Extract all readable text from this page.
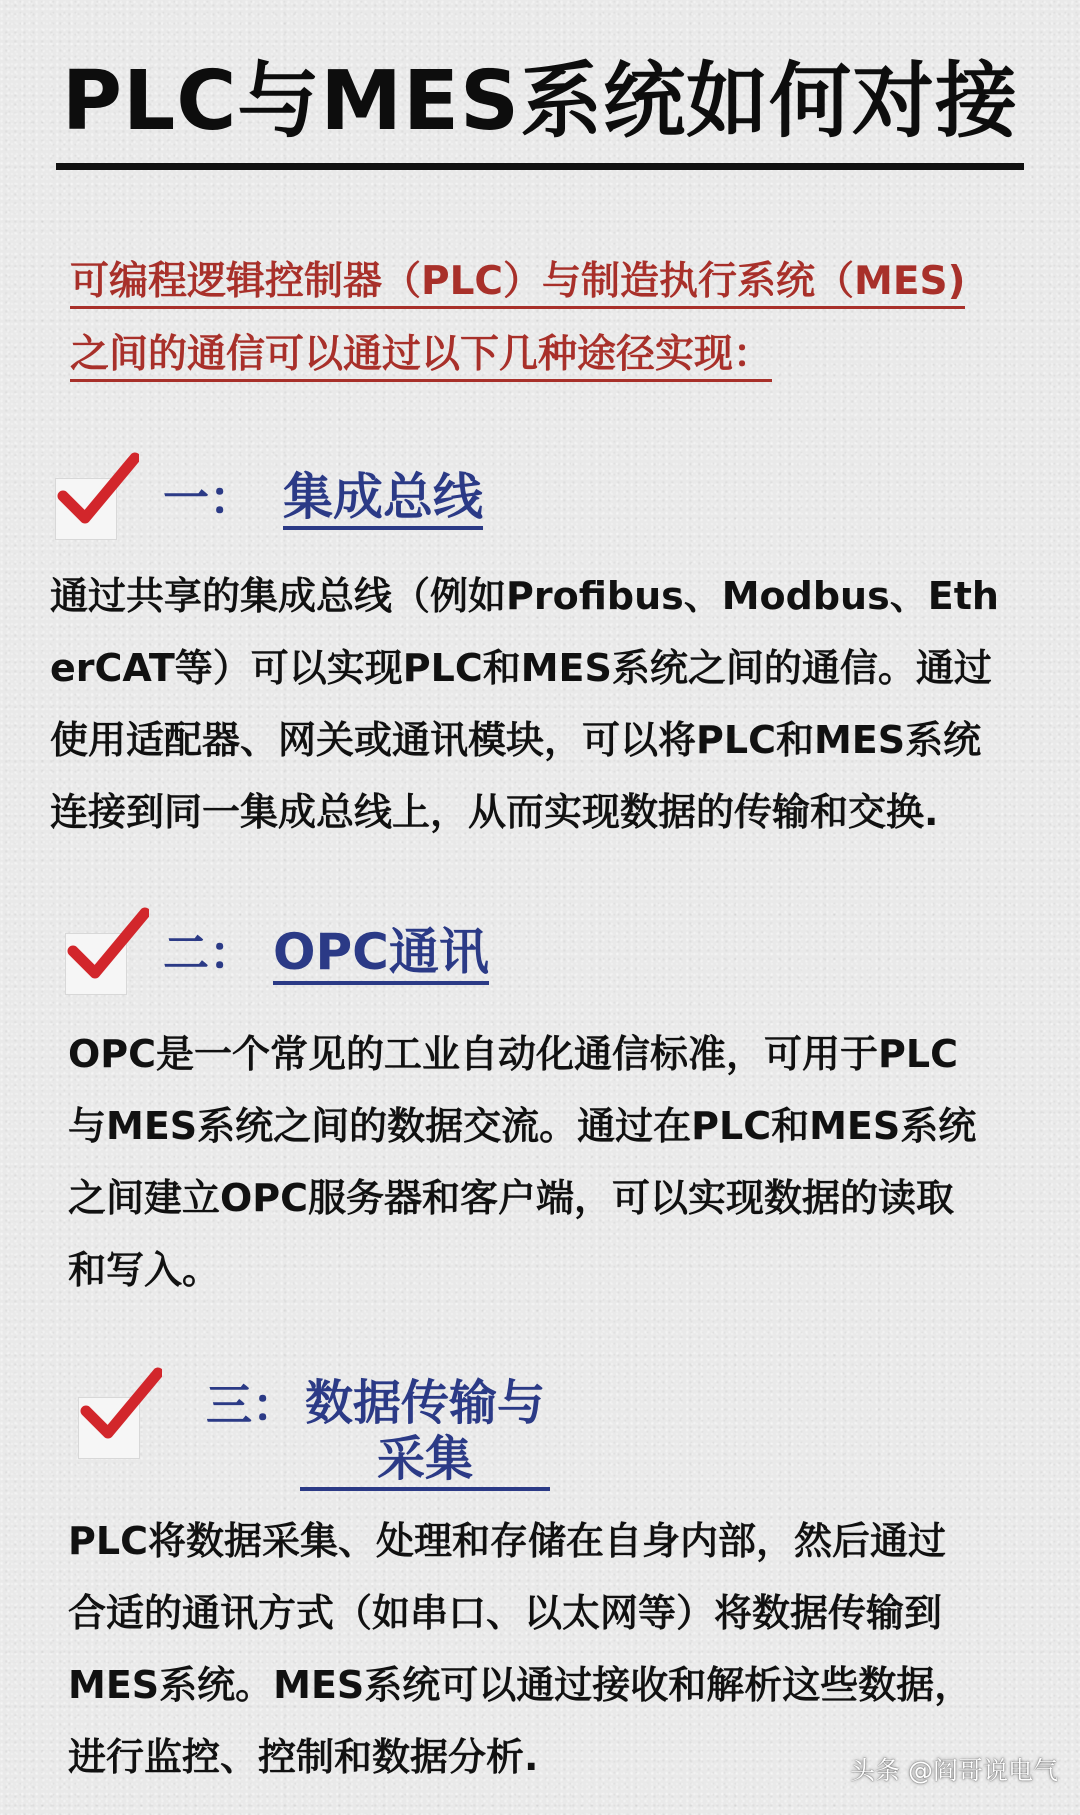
PLC与MES系统如何对接
可编程逻辑控制器（PLC）与制造执行系统（MES)
之间的通信可以通过以下几种途径实现：
一： 集成总线
通过共享的集成总线（例如Profibus、Modbus、Eth
erCAT等）可以实现PLC和MES系统之间的通信。通过
使用适配器、网关或通讯模块，可以将PLC和MES系统
连接到同一集成总线上，从而实现数据的传输和交换.
二： OPC通讯
OPC是一个常见的工业自动化通信标准，可用于PLC
与MES系统之间的数据交流。通过在PLC和MES系统
之间建立OPC服务器和客户端，可以实现数据的读取
和写入。
三： 数据传输与
采集
PLC将数据采集、处理和存储在自身内部，然后通过
合适的通讯方式（如串口、以太网等）将数据传输到
MES系统。MES系统可以通过接收和解析这些数据，
进行监控、控制和数据分析.	头条 @阎哥说电气
